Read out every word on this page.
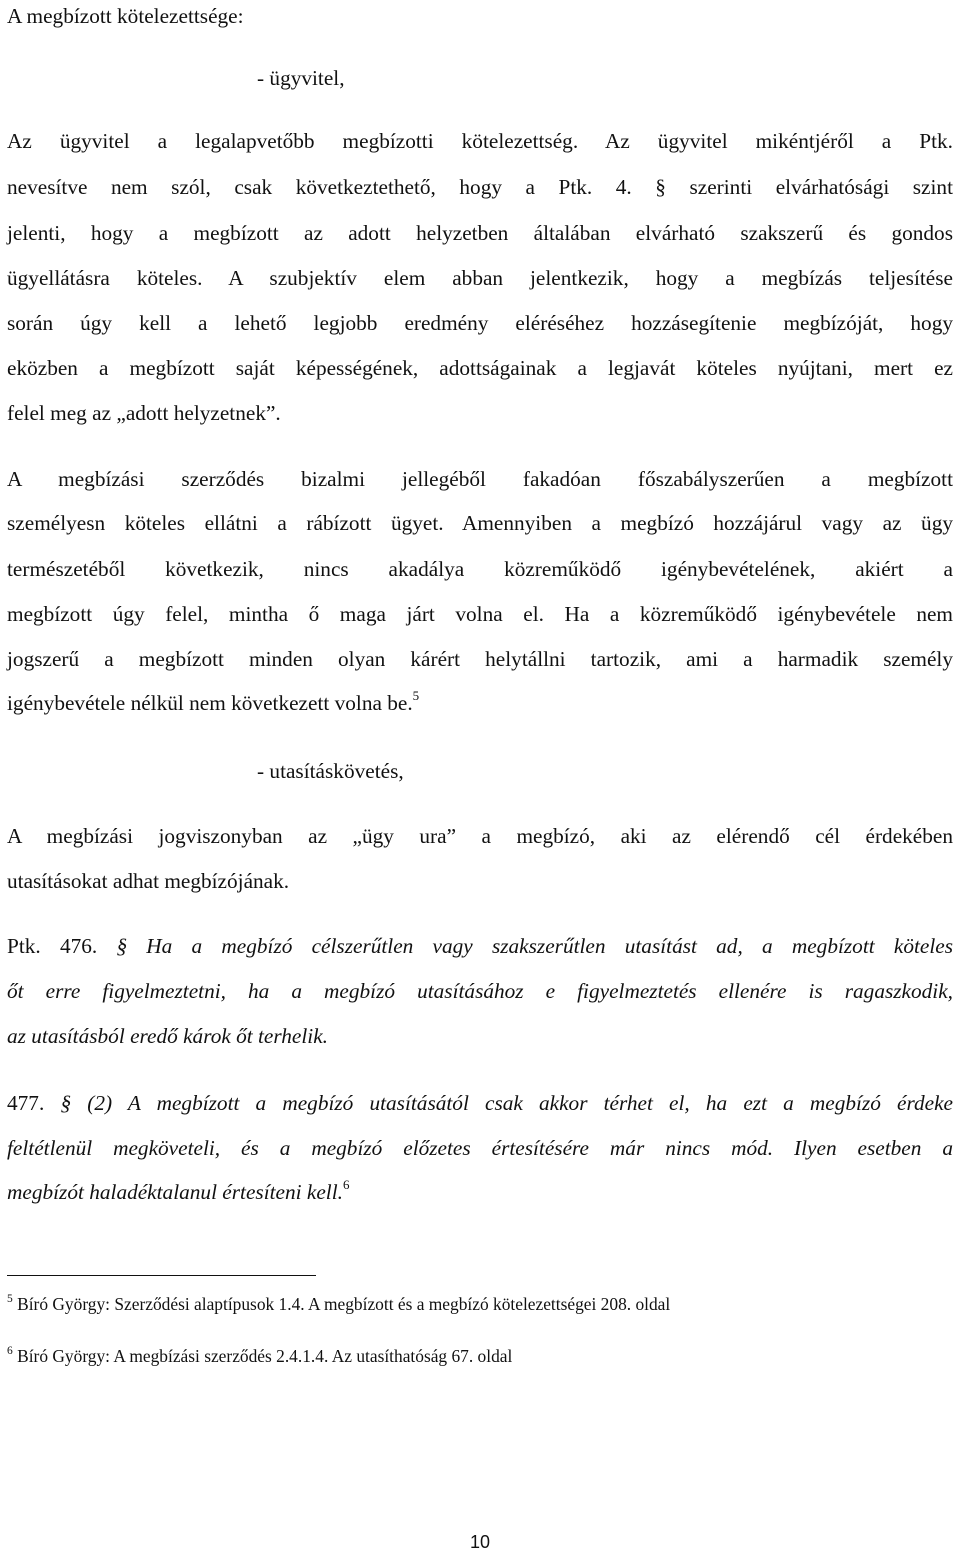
A megbízott kötelezettsége:
- ügyvitel,
Az ügyvitel a legalapvetőbb megbízotti kötelezettség. Az ügyvitel mikéntjéről a Ptk.
nevesítve nem szól, csak következtethető, hogy a Ptk. 4. § szerinti elvárhatósági szint
jelenti, hogy a megbízott az adott helyzetben általában elvárható szakszerű és gondos
ügyellátásra köteles. A szubjektív elem abban jelentkezik, hogy a megbízás teljesítése
során úgy kell a lehető legjobb eredmény eléréséhez hozzásegítenie megbízóját, hogy
eközben a megbízott saját képességének, adottságainak a legjavát köteles nyújtani, mert ez
felel meg az „adott helyzetnek”.
A megbízási szerződés bizalmi jellegéből fakadóan főszabályszerűen a megbízott
személyesn köteles ellátni a rábízott ügyet. Amennyiben a megbízó hozzájárul vagy az ügy
természetéből következik, nincs akadálya közreműködő igénybevételének, akiért a
megbízott úgy felel, mintha ő maga járt volna el. Ha a közreműködő igénybevétele nem
jogszerű a megbízott minden olyan kárért helytállni tartozik, ami a harmadik személy
igénybevétele nélkül nem következett volna be.$^5$
- utasításkövetés,
A megbízási jogviszonyban az „ügy ura” a megbízó, aki az elérendő cél érdekében
utasításokat adhat megbízójának.
Ptk. 476. § Ha a megbízó célszerűtlen vagy szakszerűtlen utasítást ad, a megbízott köteles
őt erre figyelmeztetni, ha a megbízó utasításához e figyelmeztetés ellenére is ragaszkodik,
az utasításból eredő károk őt terhelik.
477. § (2) A megbízott a megbízó utasításától csak akkor térhet el, ha ezt a megbízó érdeke
feltétlenül megköveteli, és a megbízó előzetes értesítésére már nincs mód. Ilyen esetben a
megbízót haladéktalanul értesíteni kell.$^6$
$^5$ Bíró György: Szerződési alaptípusok 1.4. A megbízott és a megbízó kötelezettségei 208. oldal
$^6$ Bíró György: A megbízási szerződés 2.4.1.4. Az utasíthatóság 67. oldal
10
